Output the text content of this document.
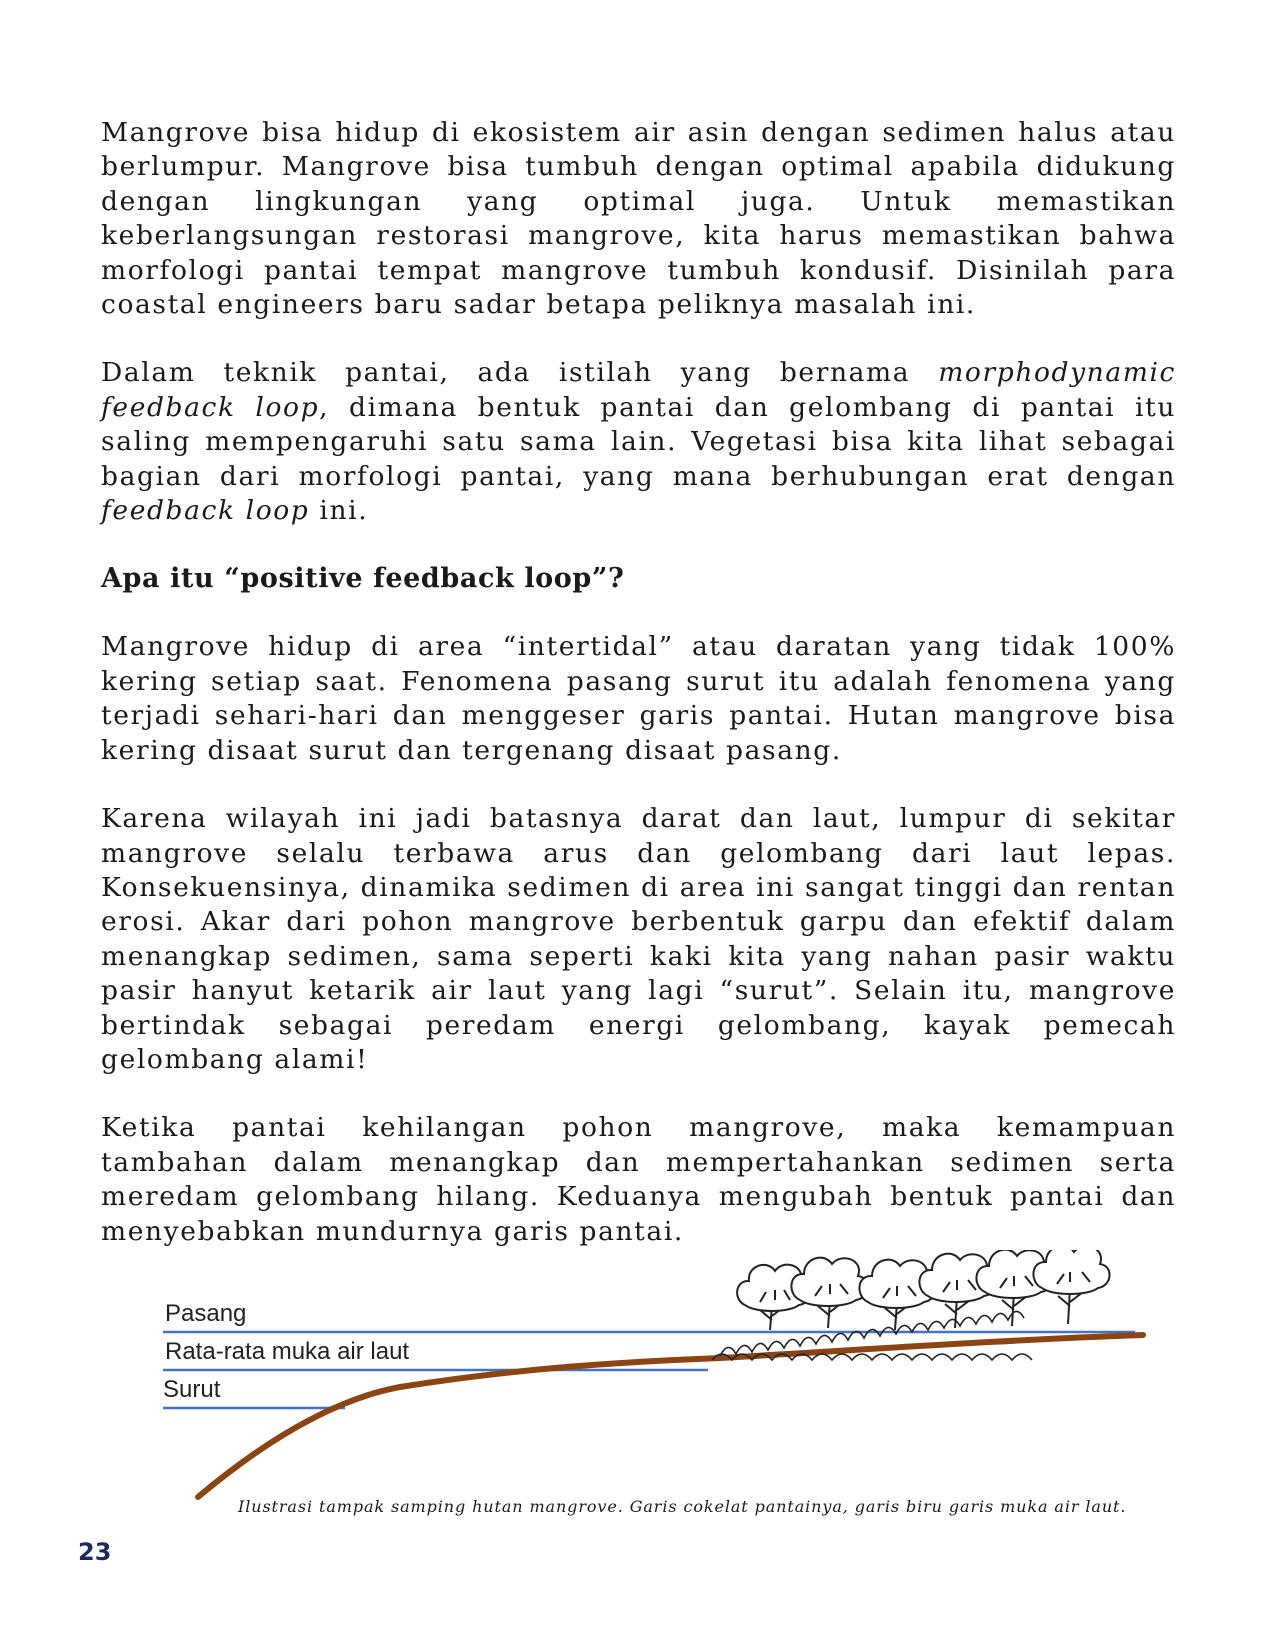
Mangrove bisa hidup di ekosistem air asin dengan sedimen halus atau berlumpur. Mangrove bisa tumbuh dengan optimal apabila didukung dengan lingkungan yang optimal juga. Untuk memastikan keberlangsungan restorasi mangrove, kita harus memastikan bahwa morfologi pantai tempat mangrove tumbuh kondusif. Disinilah para coastal engineers baru sadar betapa peliknya masalah ini.

Dalam teknik pantai, ada istilah yang bernama morphodynamic feedback loop, dimana bentuk pantai dan gelombang di pantai itu saling mempengaruhi satu sama lain. Vegetasi bisa kita lihat sebagai bagian dari morfologi pantai, yang mana berhubungan erat dengan feedback loop ini.

Apa itu “positive feedback loop”?

Mangrove hidup di area “intertidal” atau daratan yang tidak 100% kering setiap saat. Fenomena pasang surut itu adalah fenomena yang terjadi sehari-hari dan menggeser garis pantai. Hutan mangrove bisa kering disaat surut dan tergenang disaat pasang.

Karena wilayah ini jadi batasnya darat dan laut, lumpur di sekitar mangrove selalu terbawa arus dan gelombang dari laut lepas. Konsekuensinya, dinamika sedimen di area ini sangat tinggi dan rentan erosi. Akar dari pohon mangrove berbentuk garpu dan efektif dalam menangkap sedimen, sama seperti kaki kita yang nahan pasir waktu pasir hanyut ketarik air laut yang lagi “surut”. Selain itu, mangrove bertindak sebagai peredam energi gelombang, kayak pemecah gelombang alami!

Ketika pantai kehilangan pohon mangrove, maka kemampuan tambahan dalam menangkap dan mempertahankan sedimen serta meredam gelombang hilang. Keduanya mengubah bentuk pantai dan menyebabkan mundurnya garis pantai.

Pasang
Rata-rata muka air laut
Surut
Ilustrasi tampak samping hutan mangrove. Garis cokelat pantainya, garis biru garis muka air laut.
23
